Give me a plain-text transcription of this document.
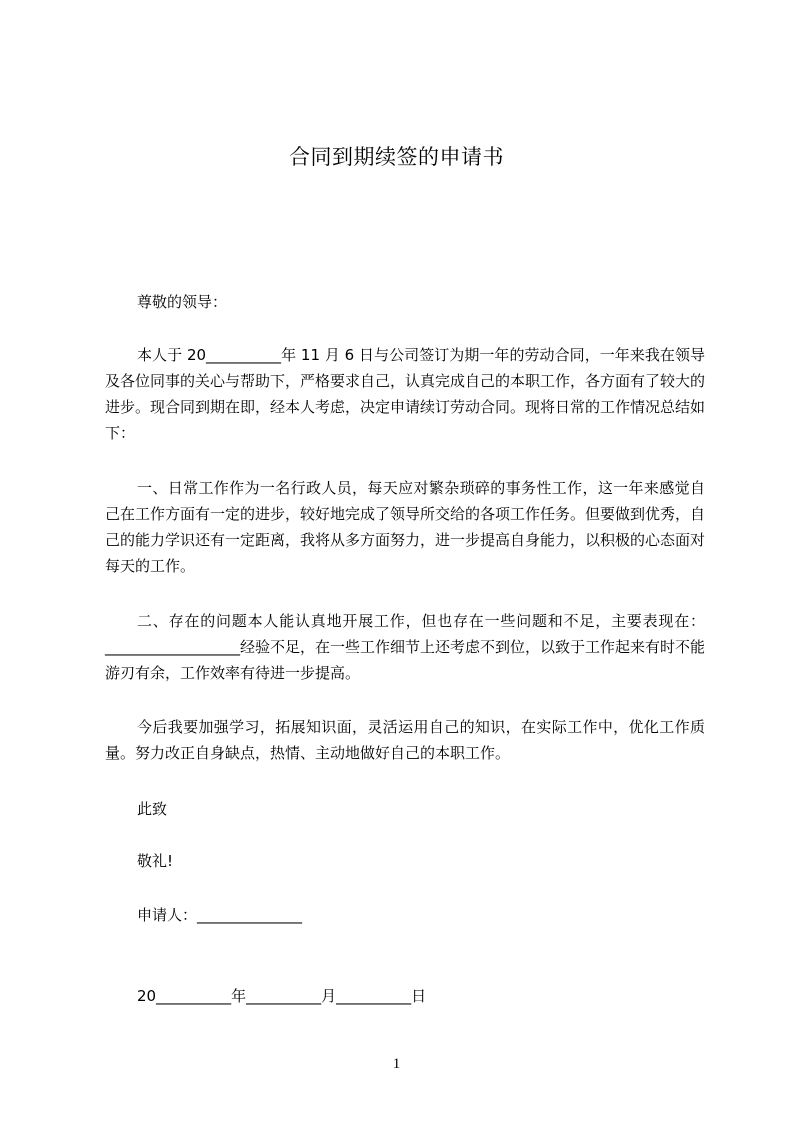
合同到期续签的申请书
尊敬的领导：
本人于 20__________年 11 月 6 日与公司签订为期一年的劳动合同，一年来我在领导及各位同事的关心与帮助下，严格要求自己，认真完成自己的本职工作，各方面有了较大的进步。现合同到期在即，经本人考虑，决定申请续订劳动合同。现将日常的工作情况总结如下：
一、日常工作作为一名行政人员，每天应对繁杂琐碎的事务性工作，这一年来感觉自己在工作方面有一定的进步，较好地完成了领导所交给的各项工作任务。但要做到优秀，自己的能力学识还有一定距离，我将从多方面努力，进一步提高自身能力，以积极的心态面对每天的工作。
二、存在的问题本人能认真地开展工作，但也存在一些问题和不足，主要表现在：__________________经验不足，在一些工作细节上还考虑不到位，以致于工作起来有时不能游刃有余，工作效率有待进一步提高。
今后我要加强学习，拓展知识面，灵活运用自己的知识，在实际工作中，优化工作质量。努力改正自身缺点，热情、主动地做好自己的本职工作。
此致
敬礼!
申请人：______________
20__________年__________月__________日
1
